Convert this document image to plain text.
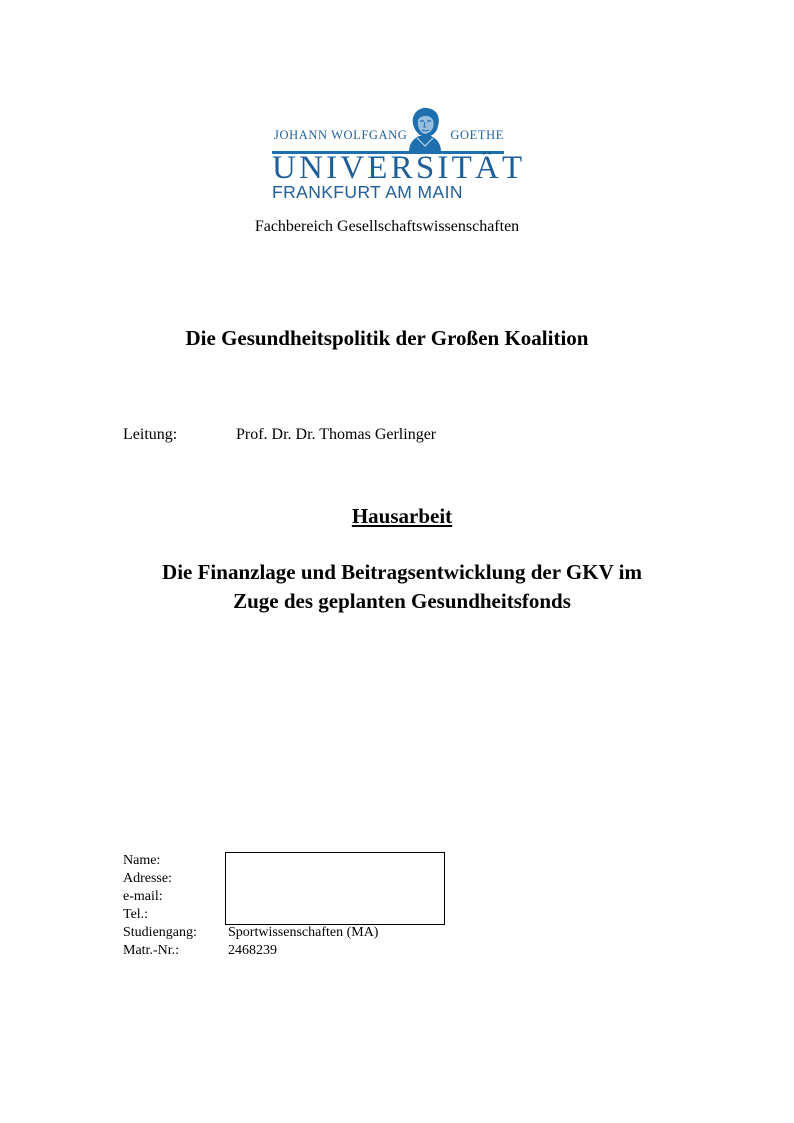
JOHANN WOLFGANG	GOETHE
UNIVERSITÄT
FRANKFURT AM MAIN
Fachbereich Gesellschaftswissenschaften
Die Gesundheitspolitik der Großen Koalition
Leitung:	Prof. Dr. Dr. Thomas Gerlinger
Hausarbeit
Die Finanzlage und Beitragsentwicklung der GKV im
Zuge des geplanten Gesundheitsfonds
Name:
Adresse:
e-mail:
Tel.:
Studiengang:
Matr.-Nr.:
Sportwissenschaften (MA)
2468239
